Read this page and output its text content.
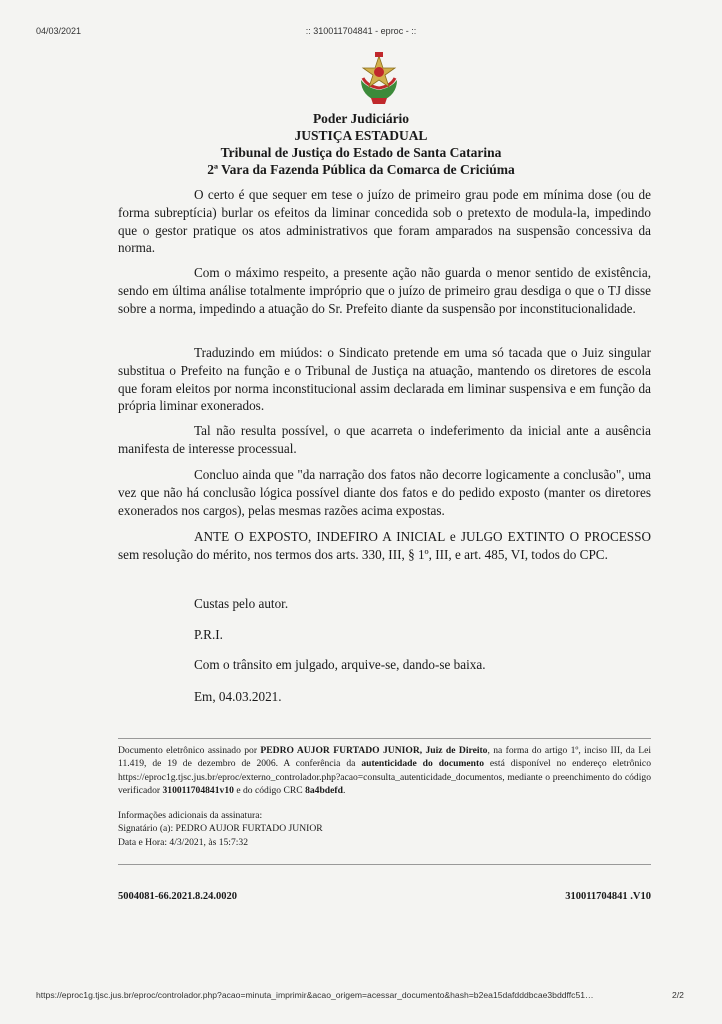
04/03/2021	:: 310011704841 - eproc - ::
Poder Judiciário
JUSTIÇA ESTADUAL
Tribunal de Justiça do Estado de Santa Catarina
2ª Vara da Fazenda Pública da Comarca de Criciúma

O certo é que sequer em tese o juízo de primeiro grau pode em mínima dose (ou de forma subreptícia) burlar os efeitos da liminar concedida sob o pretexto de modula-la, impedindo que o gestor pratique os atos administrativos que foram amparados na suspensão concessiva da norma.

Com o máximo respeito, a presente ação não guarda o menor sentido de existência, sendo em última análise totalmente impróprio que o juízo de primeiro grau desdiga o que o TJ disse sobre a norma, impedindo a atuação do Sr. Prefeito diante da suspensão por inconstitucionalidade.

Traduzindo em miúdos: o Sindicato pretende em uma só tacada que o Juiz singular substitua o Prefeito na função e o Tribunal de Justiça na atuação, mantendo os diretores de escola que foram eleitos por norma inconstitucional assim declarada em liminar suspensiva e em função da própria liminar exonerados.

Tal não resulta possível, o que acarreta o indeferimento da inicial ante a ausência manifesta de interesse processual.

Concluo ainda que "da narração dos fatos não decorre logicamente a conclusão", uma vez que não há conclusão lógica possível diante dos fatos e do pedido exposto (manter os diretores exonerados nos cargos), pelas mesmas razões acima expostas.

ANTE O EXPOSTO, INDEFIRO A INICIAL e JULGO EXTINTO O PROCESSO sem resolução do mérito, nos termos dos arts. 330, III, § 1º, III, e art. 485, VI, todos do CPC.

Custas pelo autor.

P.R.I.

Com o trânsito em julgado, arquive-se, dando-se baixa.

Em, 04.03.2021.

Documento eletrônico assinado por PEDRO AUJOR FURTADO JUNIOR, Juiz de Direito, na forma do artigo 1º, inciso III, da Lei 11.419, de 19 de dezembro de 2006. A conferência da autenticidade do documento está disponível no endereço eletrônico https://eproc1g.tjsc.jus.br/eproc/externo_controlador.php?acao=consulta_autenticidade_documentos, mediante o preenchimento do código verificador 310011704841v10 e do código CRC 8a4bdefd.
Informações adicionais da assinatura:
Signatário (a): PEDRO AUJOR FURTADO JUNIOR
Data e Hora: 4/3/2021, às 15:7:32
5004081-66.2021.8.24.0020	310011704841 .V10
https://eproc1g.tjsc.jus.br/eproc/controlador.php?acao=minuta_imprimir&acao_origem=acessar_documento&hash=b2ea15dafdddbcae3bddffc51…	2/2
